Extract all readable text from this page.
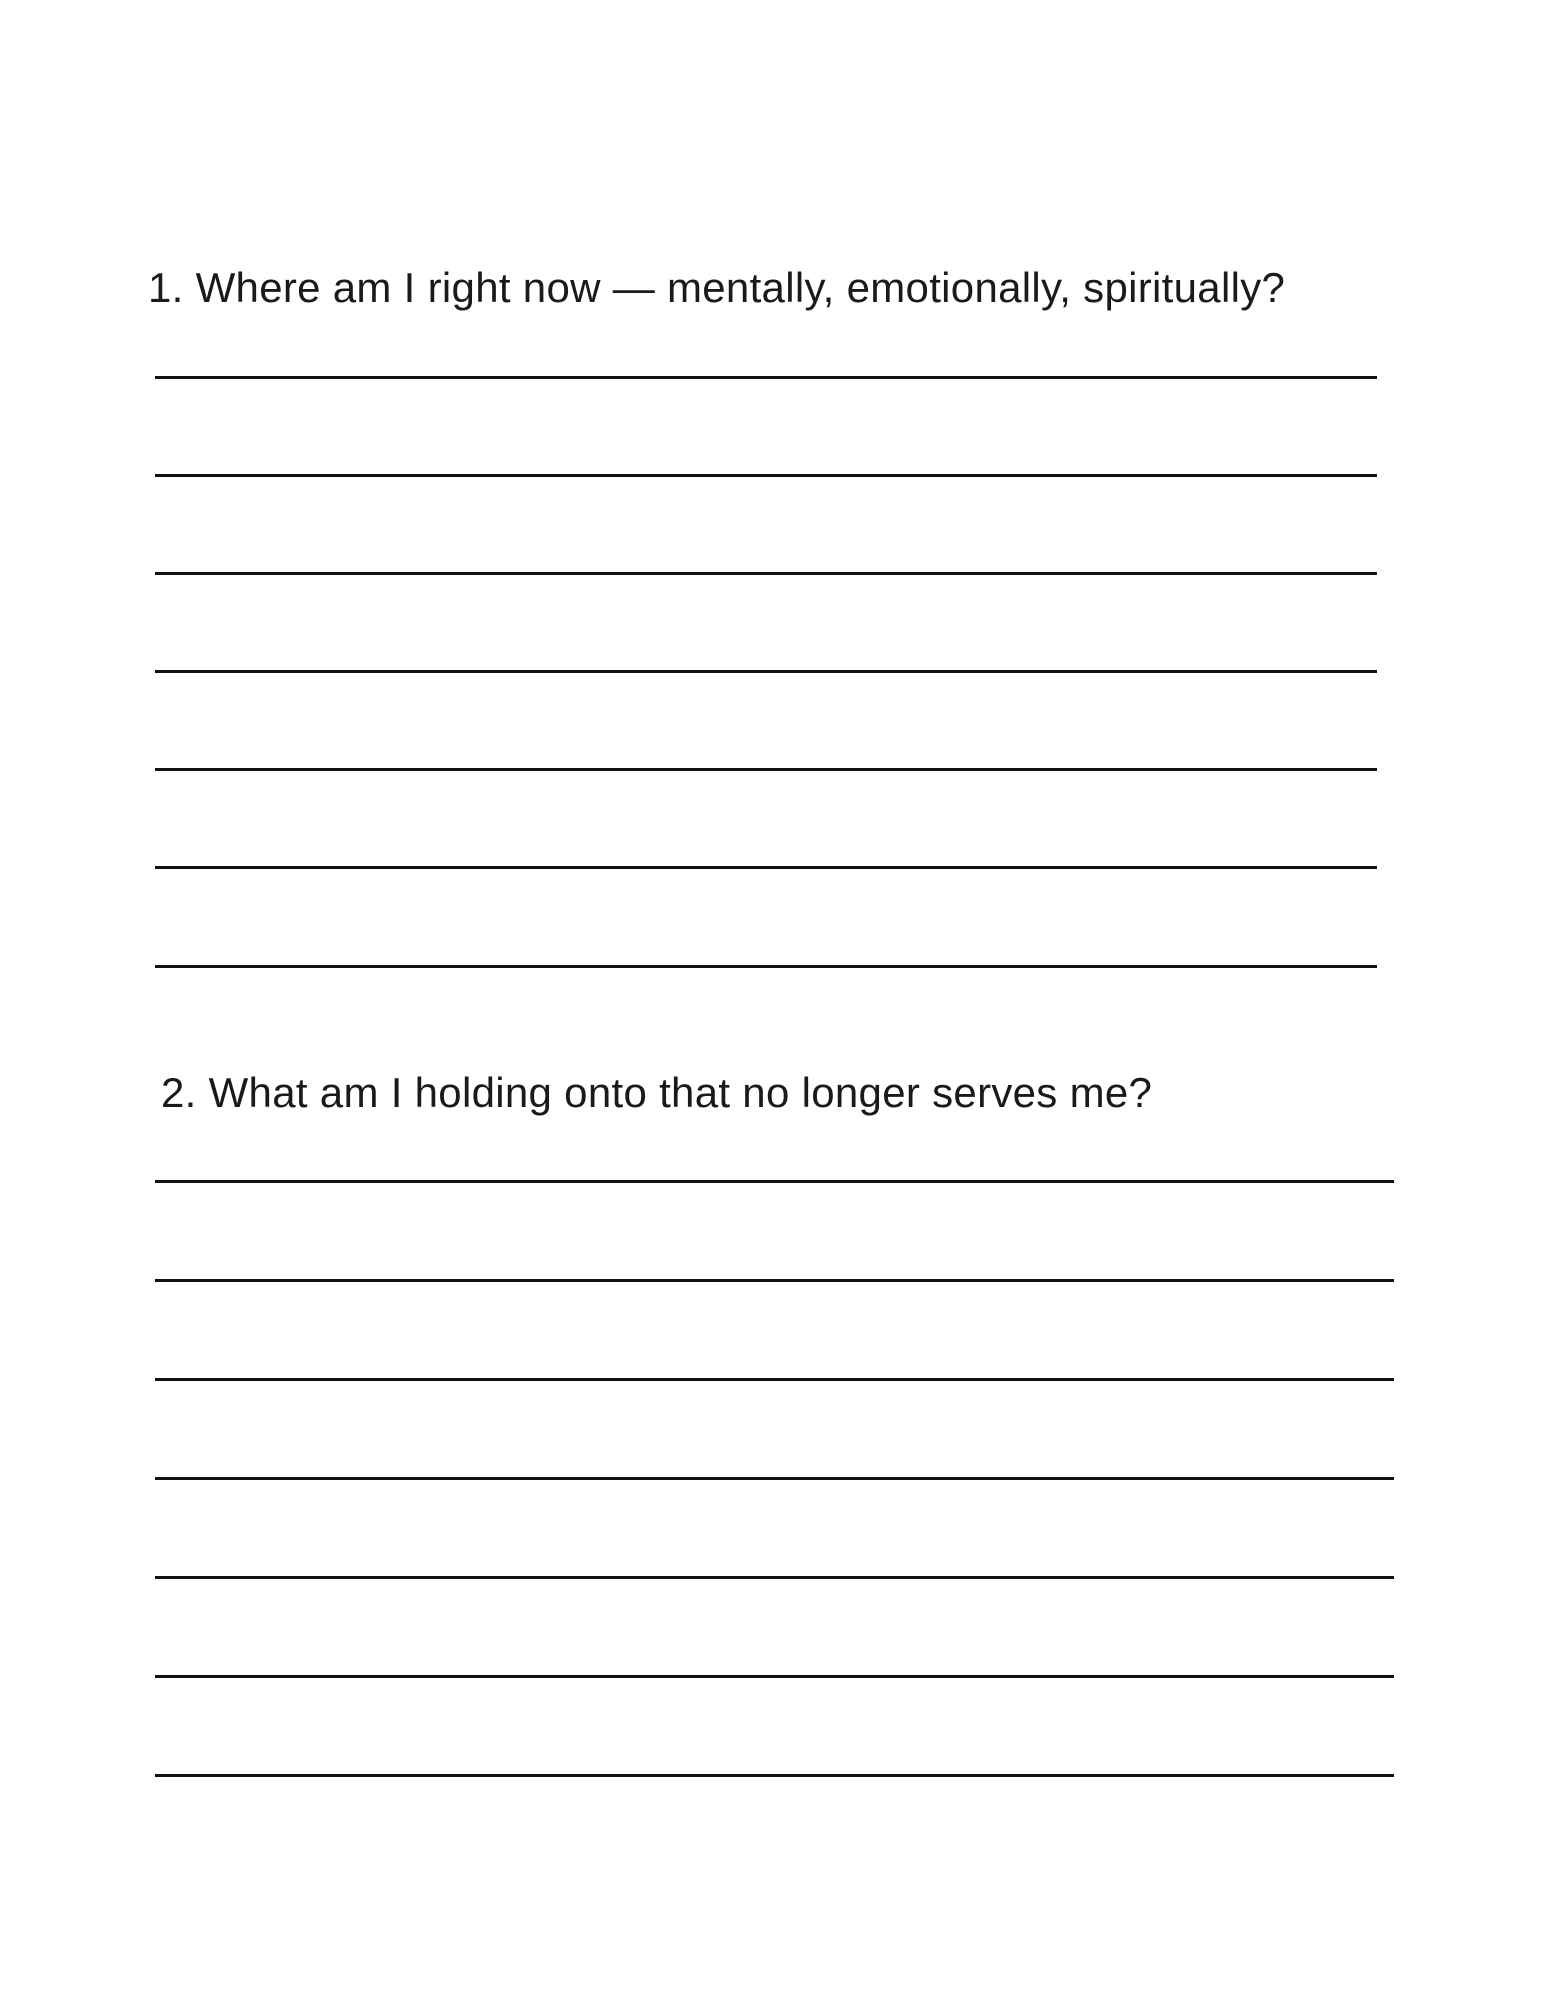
1. Where am I right now — mentally, emotionally, spiritually?
2. What am I holding onto that no longer serves me?
